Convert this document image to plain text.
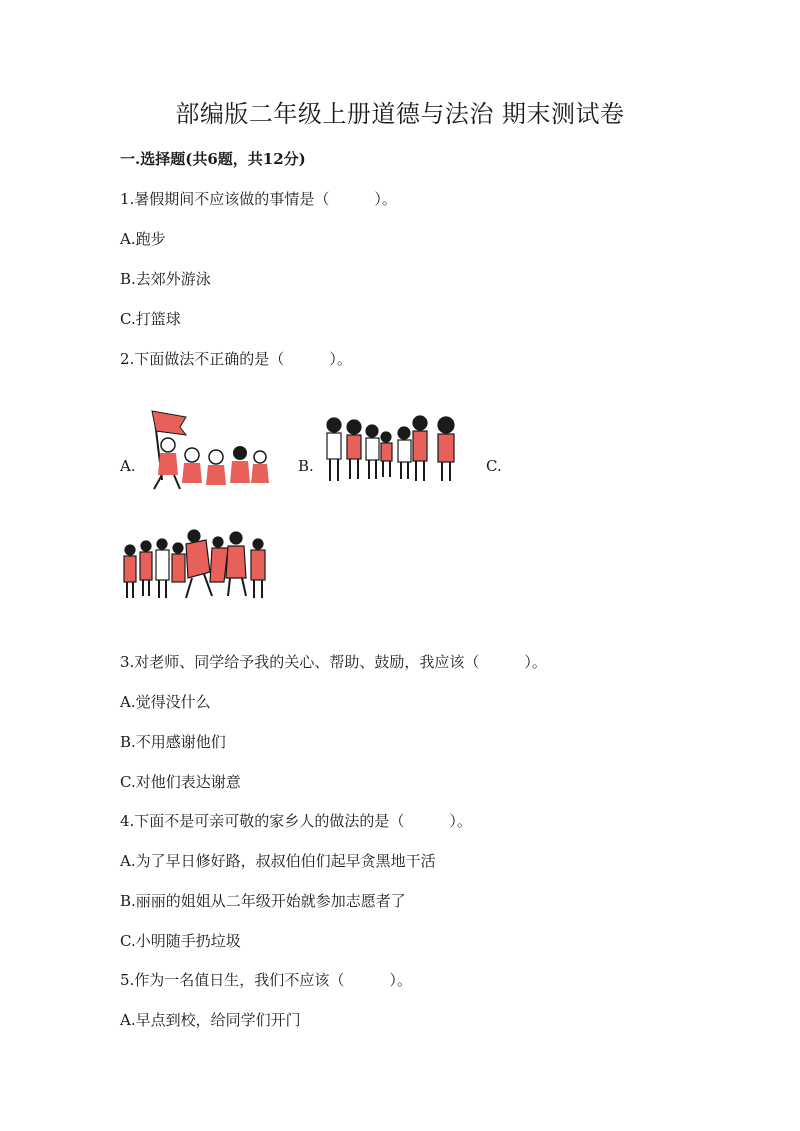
部编版二年级上册道德与法治 期末测试卷
一.选择题(共6题，共12分)
1.暑假期间不应该做的事情是（　　　）。
A.跑步
B.去郊外游泳
C.打篮球
2.下面做法不正确的是（　　　）。
A.	B.	C.
3.对老师、同学给予我的关心、帮助、鼓励，我应该（　　　）。
A.觉得没什么
B.不用感谢他们
C.对他们表达谢意
4.下面不是可亲可敬的家乡人的做法的是（　　　）。
A.为了早日修好路，叔叔伯伯们起早贪黑地干活
B.丽丽的姐姐从二年级开始就参加志愿者了
C.小明随手扔垃圾
5.作为一名值日生，我们不应该（　　　）。
A.早点到校，给同学们开门
